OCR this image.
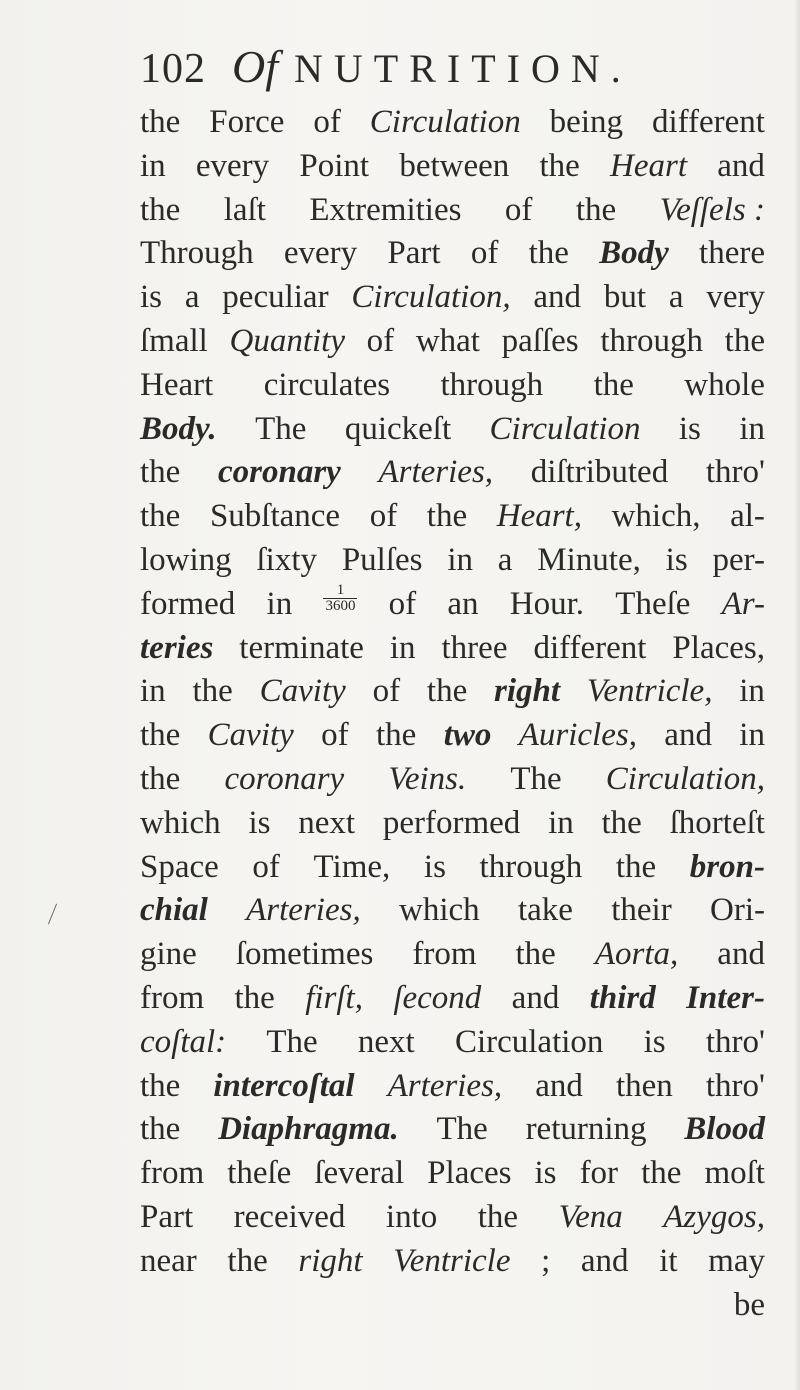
102 Of NUTRITION.
the Force of Circulation being different
in every Point between the Heart and
the laſt Extremities of the Veſſels :
Through every Part of the Body there
is a peculiar Circulation, and but a very
ſmall Quantity of what paſſes through the
Heart circulates through the whole
Body. The quickeſt Circulation is in
the coronary Arteries, diſtributed thro'
the Subſtance of the Heart, which, al-
lowing ſixty Pulſes in a Minute, is per-
formed in $\frac{1}{3600}$ of an Hour. Theſe Ar-
teries terminate in three different Places,
in the Cavity of the right Ventricle, in
the Cavity of the two Auricles, and in
the coronary Veins. The Circulation,
which is next performed in the ſhorteſt
Space of Time, is through the bron-
chial Arteries, which take their Ori-
gine ſometimes from the Aorta, and
from the firſt, ſecond and third Inter-
coſtal: The next Circulation is thro'
the intercoſtal Arteries, and then thro'
the Diaphragma. The returning Blood
from theſe ſeveral Places is for the moſt
Part received into the Vena Azygos,
near the right Ventricle ; and it may
be
